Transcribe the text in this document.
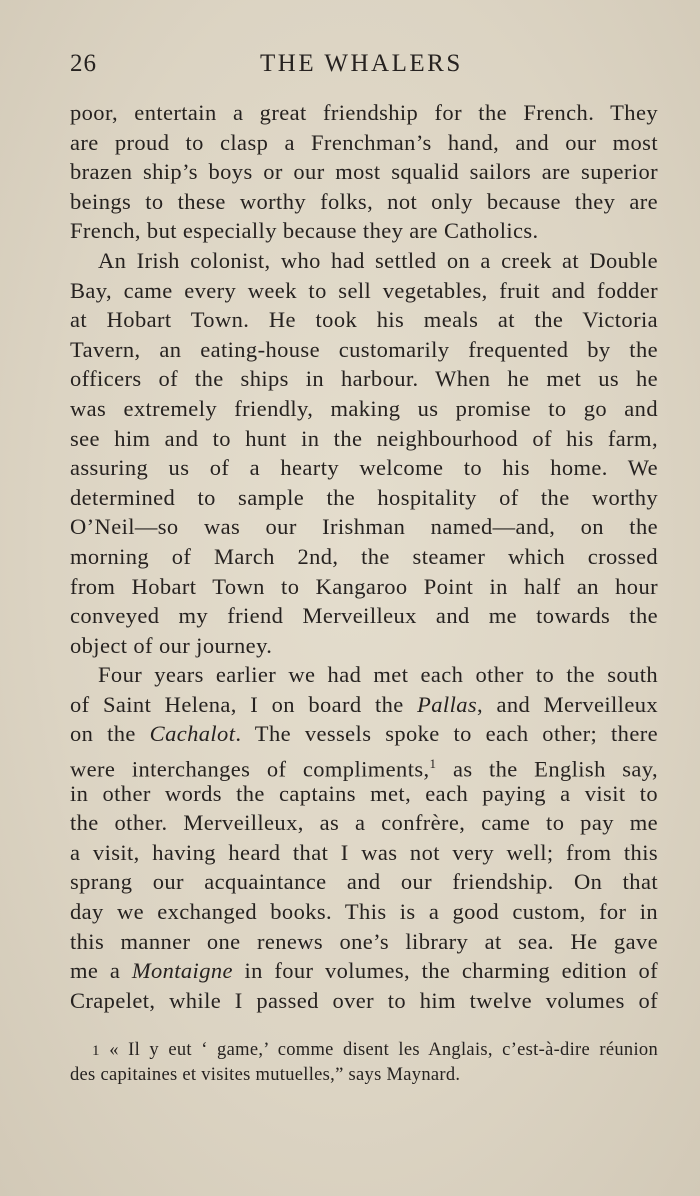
26	THE WHALERS
poor, entertain a great friendship for the French. They
are proud to clasp a Frenchman’s hand, and our most
brazen ship’s boys or our most squalid sailors are superior
beings to these worthy folks, not only because they are
French, but especially because they are Catholics.
An Irish colonist, who had settled on a creek at Double
Bay, came every week to sell vegetables, fruit and fodder
at Hobart Town. He took his meals at the Victoria
Tavern, an eating-house customarily frequented by the
officers of the ships in harbour. When he met us he
was extremely friendly, making us promise to go and
see him and to hunt in the neighbourhood of his farm,
assuring us of a hearty welcome to his home. We
determined to sample the hospitality of the worthy
O’Neil—so was our Irishman named—and, on the
morning of March 2nd, the steamer which crossed
from Hobart Town to Kangaroo Point in half an hour
conveyed my friend Merveilleux and me towards the
object of our journey.
Four years earlier we had met each other to the south
of Saint Helena, I on board the Pallas, and Merveilleux
on the Cachalot. The vessels spoke to each other; there
were interchanges of compliments,$^1$ as the English say,
in other words the captains met, each paying a visit to
the other. Merveilleux, as a confrère, came to pay me
a visit, having heard that I was not very well; from this
sprang our acquaintance and our friendship. On that
day we exchanged books. This is a good custom, for in
this manner one renews one’s library at sea. He gave
me a Montaigne in four volumes, the charming edition of
Crapelet, while I passed over to him twelve volumes of
1 « Il y eut ‘ game,’ comme disent les Anglais, c’est-à-dire réunion
des capitaines et visites mutuelles,” says Maynard.
